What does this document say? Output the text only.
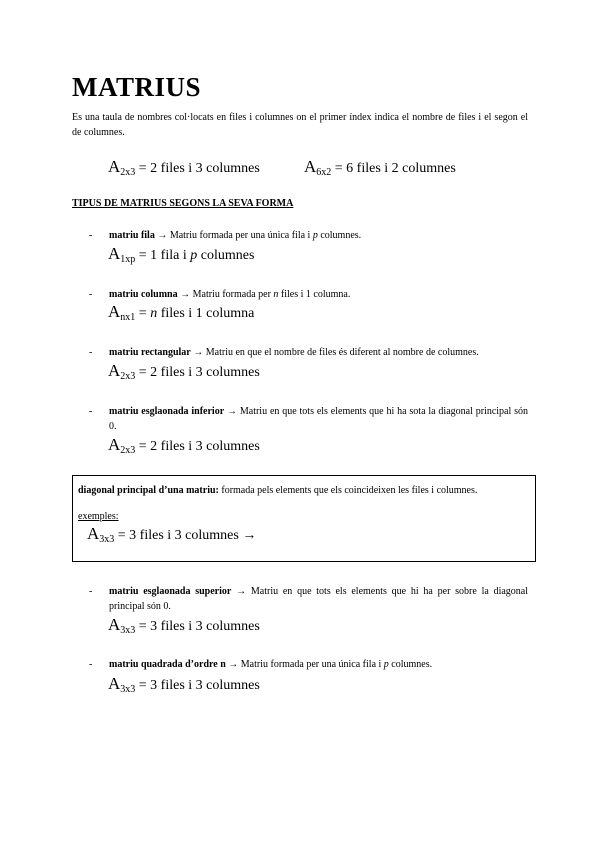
MATRIUS
Es una taula de nombres col·locats en files i columnes on el primer índex indica el nombre de files i el segon el de columnes.
$A_{2x3} = 2$ files i 3 columnes	$A_{6x2} = 6$ files i 2 columnes
TIPUS DE MATRIUS SEGONS LA SEVA FORMA
- matriu fila → Matriu formada per una única fila i p columnes.
$A_{1xp} = 1$ fila i p columnes
- matriu columna → Matriu formada per n files i 1 columna.
$A_{nx1} = n$ files i 1 columna
- matriu rectangular → Matriu en que el nombre de files és diferent al nombre de columnes.
$A_{2x3} = 2$ files i 3 columnes
- matriu esglaonada inferior → Matriu en que tots els elements que hi ha sota la diagonal principal són 0.
$A_{2x3} = 2$ files i 3 columnes
diagonal principal d’una matriu: formada pels elements que els coincideixen les files i columnes.
exemples:
$A_{3x3} = 3$ files i 3 columnes →
- matriu esglaonada superior → Matriu en que tots els elements que hi ha per sobre la diagonal principal són 0.
$A_{3x3} = 3$ files i 3 columnes
- matriu quadrada d’ordre n → Matriu formada per una única fila i p columnes.
$A_{3x3} = 3$ files i 3 columnes
